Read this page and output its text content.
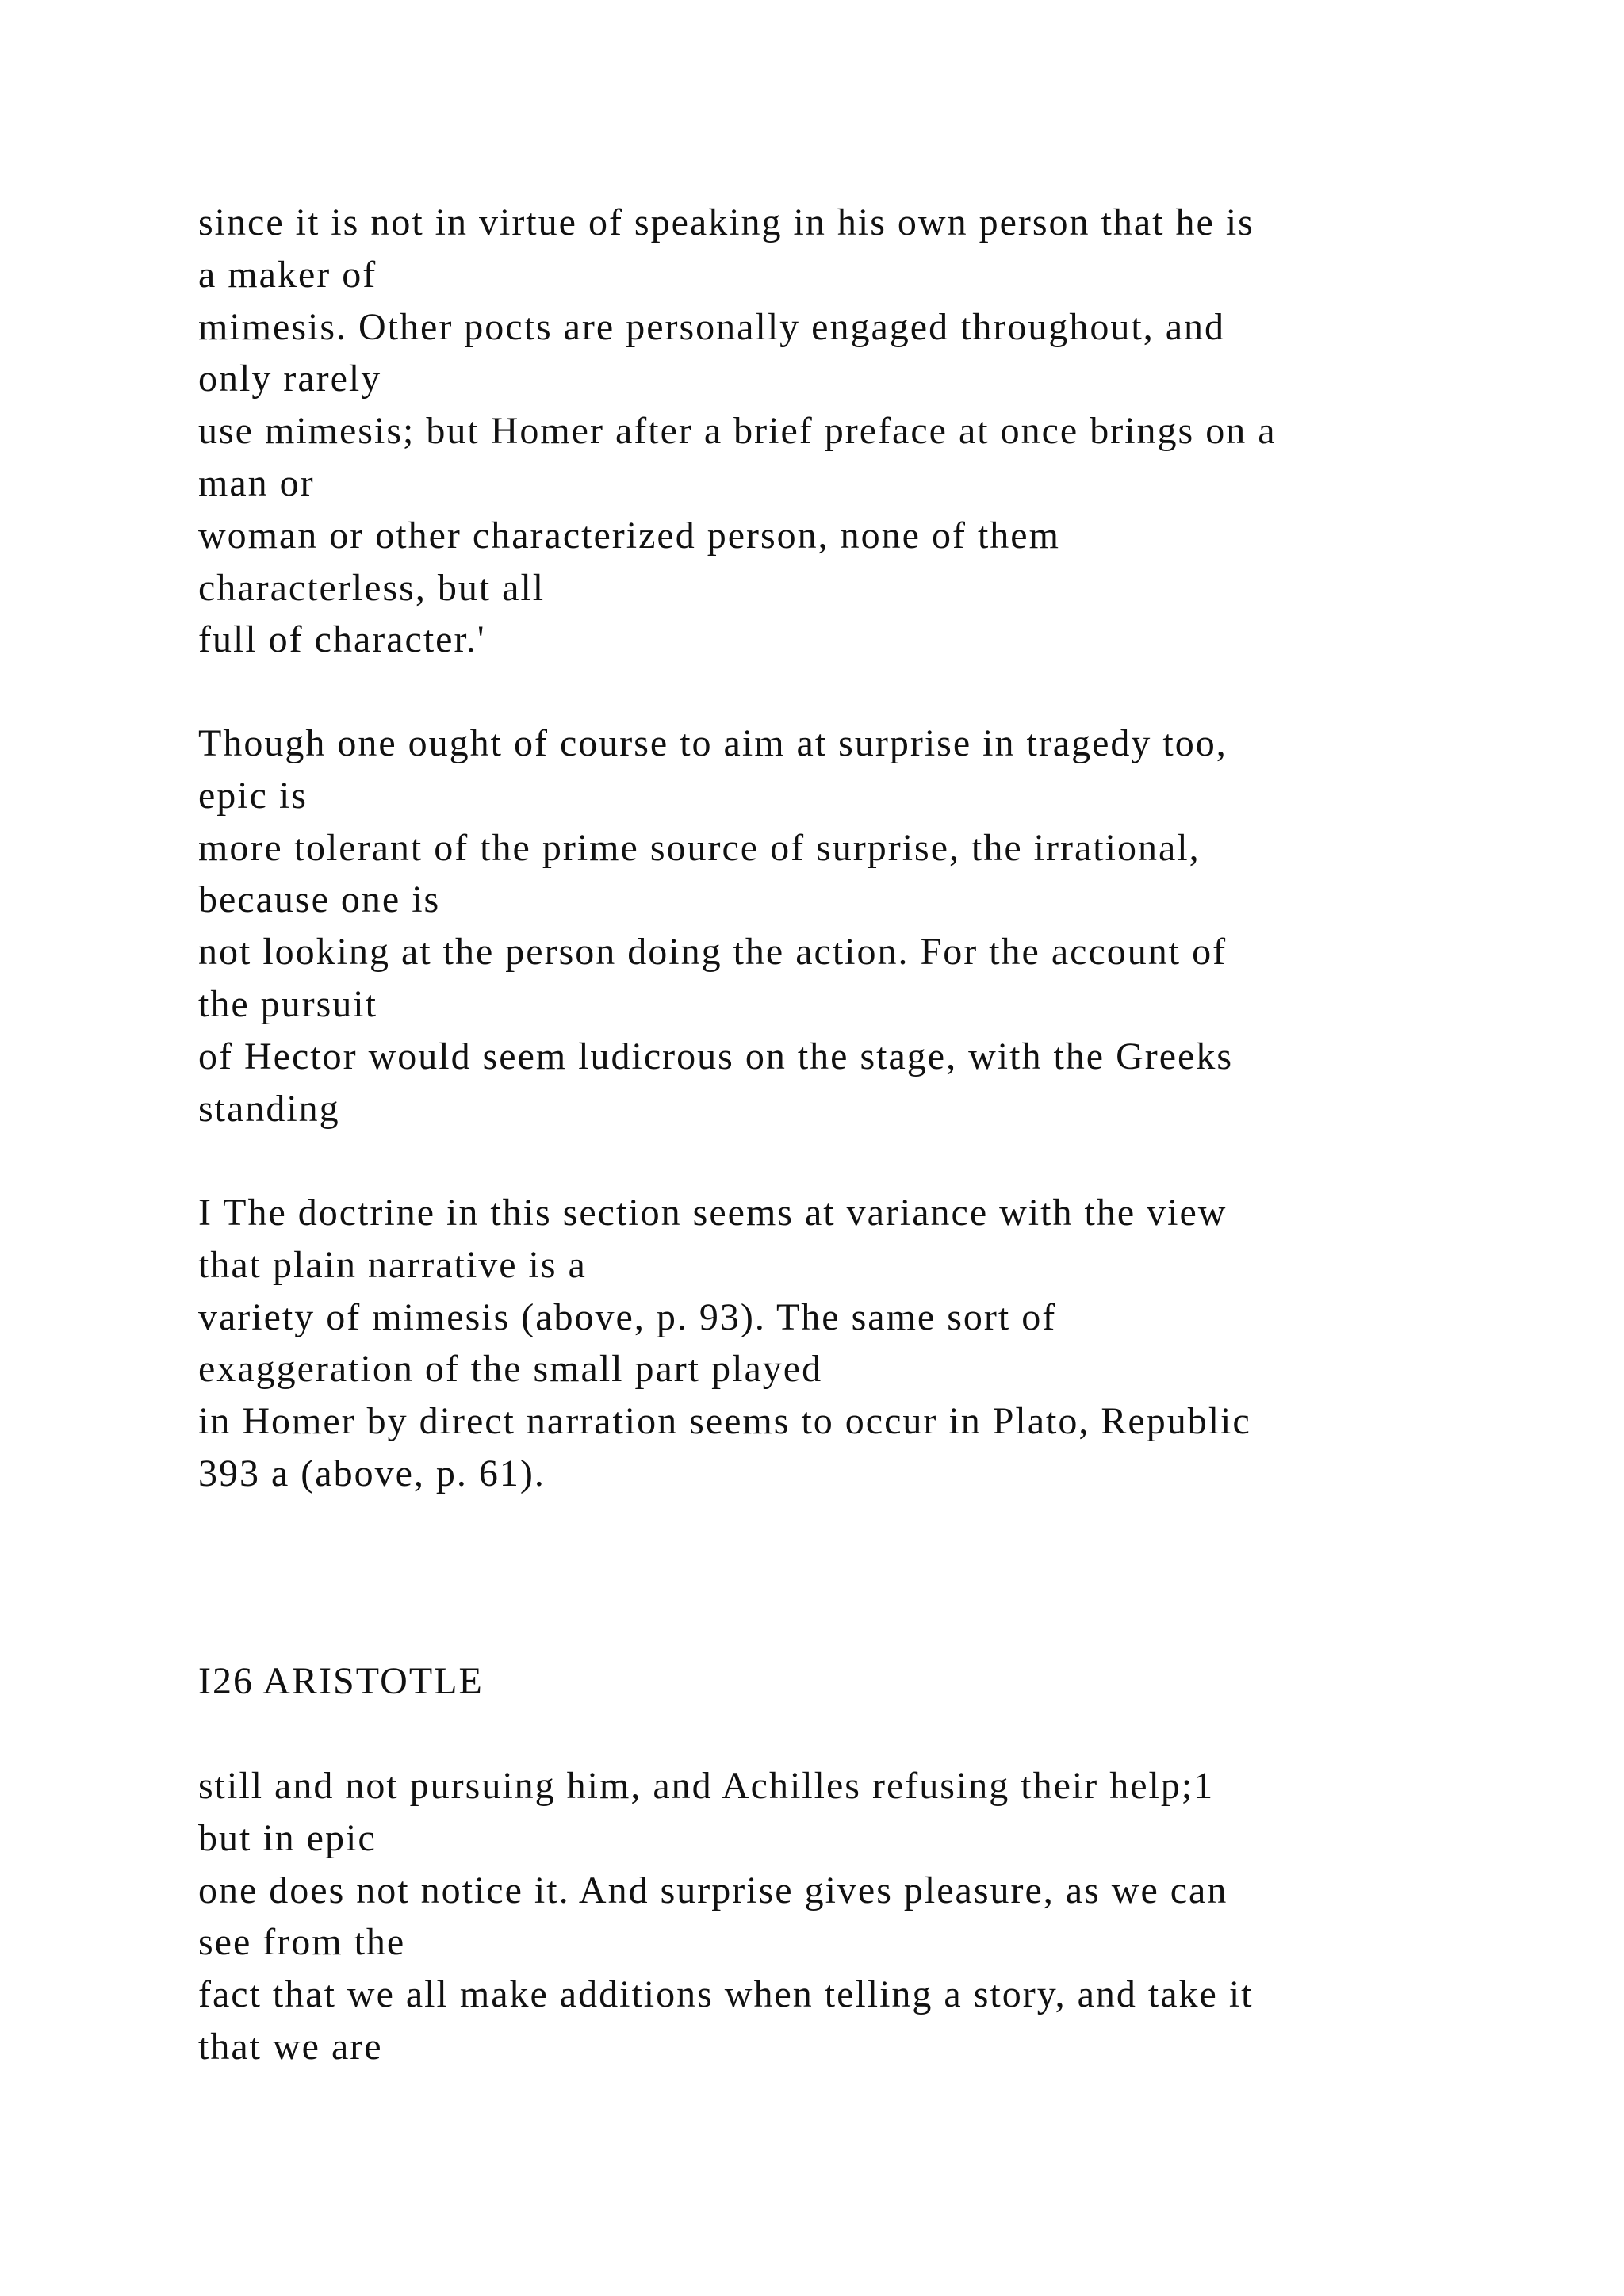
since it is not in virtue of speaking in his own person that he is
a maker of
mimesis. Other pocts are personally engaged throughout, and
only rarely
use mimesis; but Homer after a brief preface at once brings on a
man or
woman or other characterized person, none of them
characterless, but all
full of character.'
Though one ought of course to aim at surprise in tragedy too,
epic is
more tolerant of the prime source of surprise, the irrational,
because one is
not looking at the person doing the action. For the account of
the pursuit
of Hector would seem ludicrous on the stage, with the Greeks
standing
I The doctrine in this section seems at variance with the view
that plain narrative is a
variety of mimesis (above, p. 93). The same sort of
exaggeration of the small part played
in Homer by direct narration seems to occur in Plato, Republic
393 a (above, p. 61).
I26 ARISTOTLE
still and not pursuing him, and Achilles refusing their help;1
but in epic
one does not notice it. And surprise gives pleasure, as we can
see from the
fact that we all make additions when telling a story, and take it
that we are
